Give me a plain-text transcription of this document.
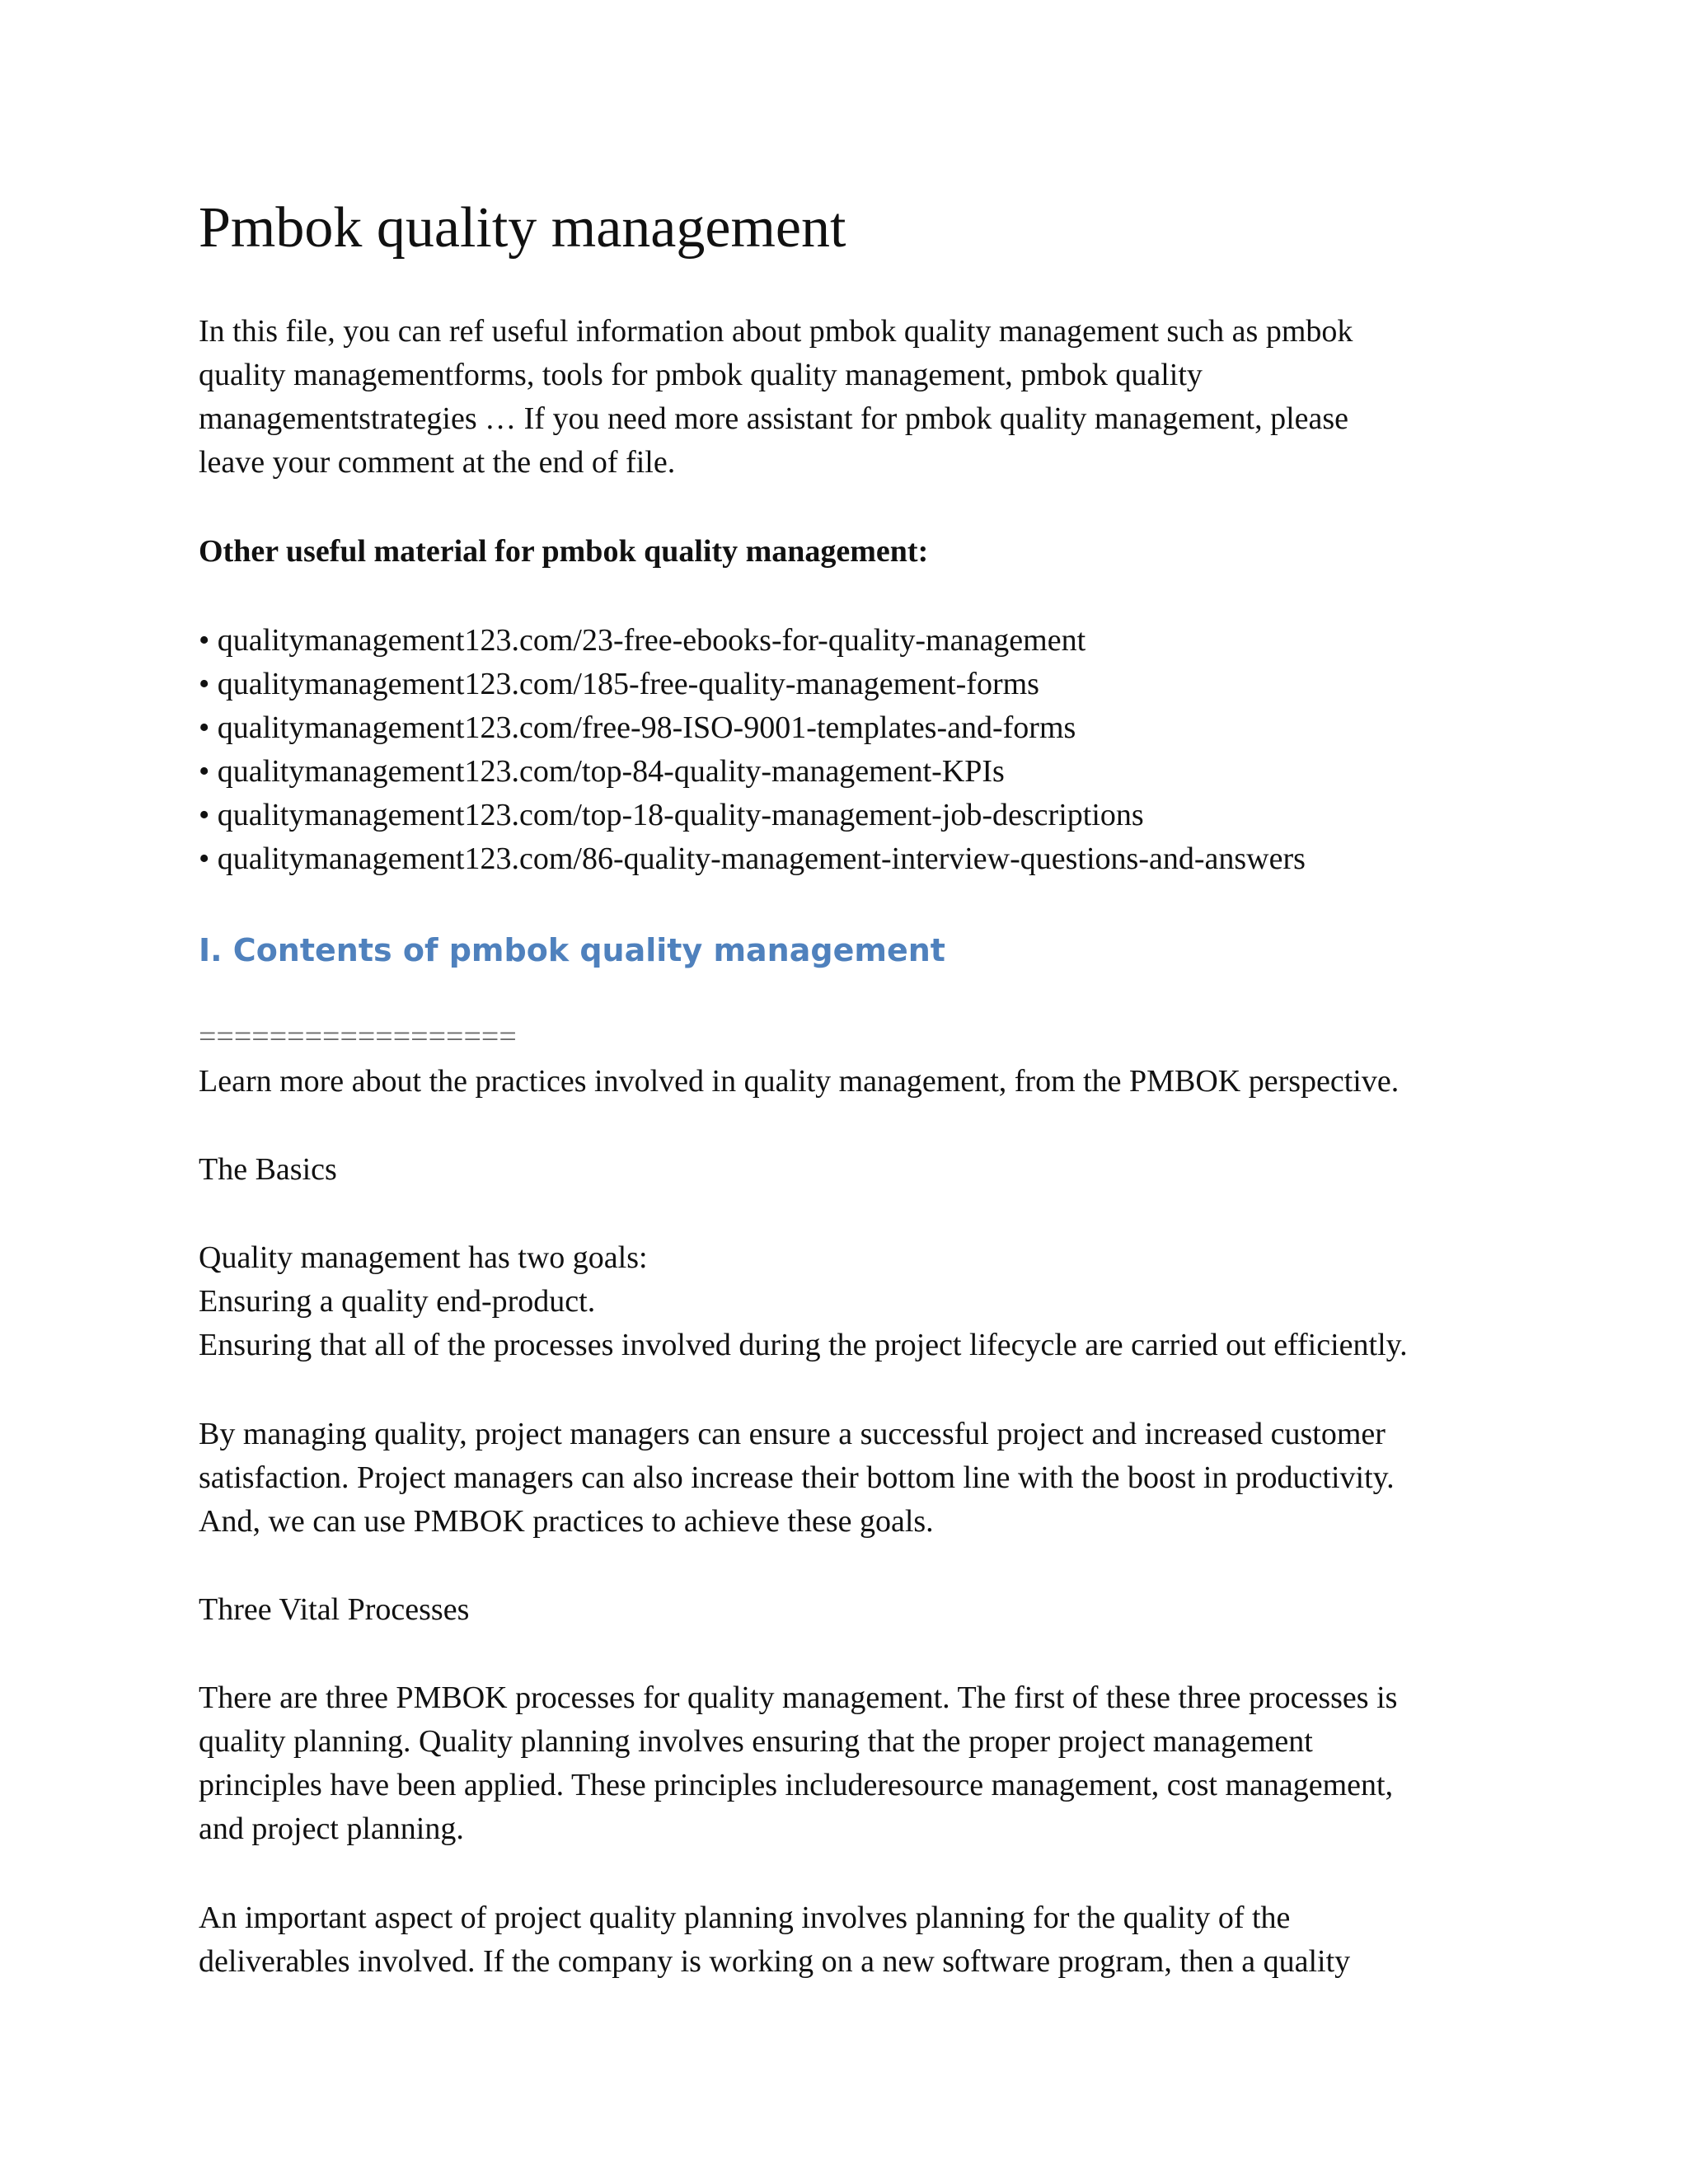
Pmbok quality management

In this file, you can ref useful information about pmbok quality management such as pmbok

quality managementforms, tools for pmbok quality management, pmbok quality

managementstrategies … If you need more assistant for pmbok quality management, please

leave your comment at the end of file.

Other useful material for pmbok quality management:

• qualitymanagement123.com/23-free-ebooks-for-quality-management

• qualitymanagement123.com/185-free-quality-management-forms

• qualitymanagement123.com/free-98-ISO-9001-templates-and-forms

• qualitymanagement123.com/top-84-quality-management-KPIs

• qualitymanagement123.com/top-18-quality-management-job-descriptions

• qualitymanagement123.com/86-quality-management-interview-questions-and-answers

I. Contents of pmbok quality management

==================

Learn more about the practices involved in quality management, from the PMBOK perspective.

The Basics

Quality management has two goals:

Ensuring a quality end-product.

Ensuring that all of the processes involved during the project lifecycle are carried out efficiently.

By managing quality, project managers can ensure a successful project and increased customer

satisfaction. Project managers can also increase their bottom line with the boost in productivity.

And, we can use PMBOK practices to achieve these goals.

Three Vital Processes

There are three PMBOK processes for quality management. The first of these three processes is

quality planning. Quality planning involves ensuring that the proper project management

principles have been applied. These principles includeresource management, cost management,

and project planning.

An important aspect of project quality planning involves planning for the quality of the

deliverables involved. If the company is working on a new software program, then a quality
